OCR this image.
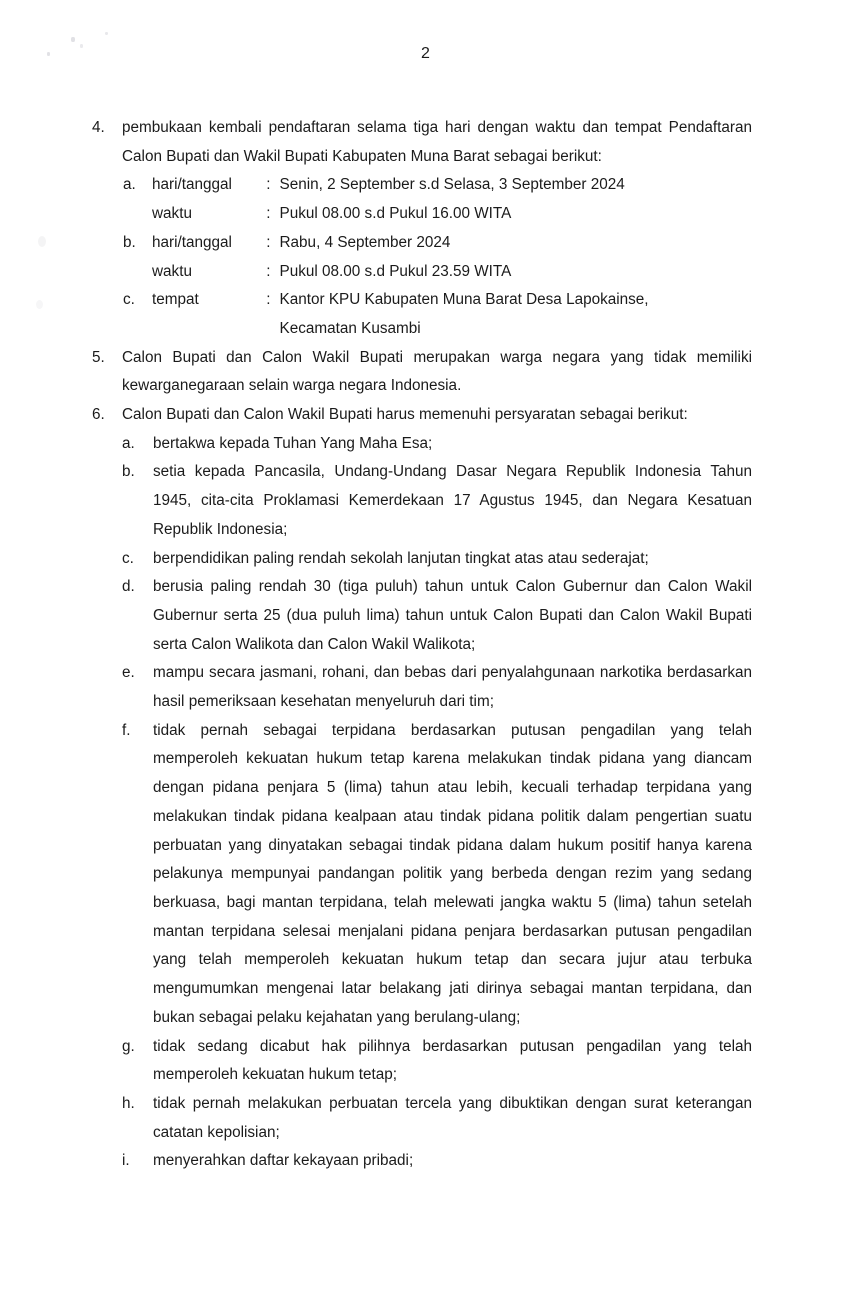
2
4.	pembukaan kembali pendaftaran selama tiga hari dengan waktu dan tempat Pendaftaran Calon Bupati dan Wakil Bupati Kabupaten Muna Barat sebagai berikut:

a.	hari/tanggal : Senin, 2 September s.d Selasa, 3 September 2024
waktu	: Pukul 08.00 s.d Pukul 16.00 WITA
b.	hari/tanggal : Rabu, 4 September 2024
waktu	: Pukul 08.00 s.d Pukul 23.59 WITA
c.	tempat	: Kantor KPU Kabupaten Muna Barat Desa Lapokainse,
Kecamatan Kusambi
5.	Calon Bupati dan Calon Wakil Bupati merupakan warga negara yang tidak memiliki kewarganegaraan selain warga negara Indonesia.

6.	Calon Bupati dan Calon Wakil Bupati harus memenuhi persyaratan sebagai berikut:

a.	bertakwa kepada Tuhan Yang Maha Esa;
b.	setia kepada Pancasila, Undang-Undang Dasar Negara Republik Indonesia Tahun 1945, cita-cita Proklamasi Kemerdekaan 17 Agustus 1945, dan Negara Kesatuan Republik Indonesia;
c.	berpendidikan paling rendah sekolah lanjutan tingkat atas atau sederajat;
d.	berusia paling rendah 30 (tiga puluh) tahun untuk Calon Gubernur dan Calon Wakil Gubernur serta 25 (dua puluh lima) tahun untuk Calon Bupati dan Calon Wakil Bupati serta Calon Walikota dan Calon Wakil Walikota;
e.	mampu secara jasmani, rohani, dan bebas dari penyalahgunaan narkotika berdasarkan hasil pemeriksaan kesehatan menyeluruh dari tim;
f.	tidak pernah sebagai terpidana berdasarkan putusan pengadilan yang telah memperoleh kekuatan hukum tetap karena melakukan tindak pidana yang diancam dengan pidana penjara 5 (lima) tahun atau lebih, kecuali terhadap terpidana yang melakukan tindak pidana kealpaan atau tindak pidana politik dalam pengertian suatu perbuatan yang dinyatakan sebagai tindak pidana dalam hukum positif hanya karena pelakunya mempunyai pandangan politik yang berbeda dengan rezim yang sedang berkuasa, bagi mantan terpidana, telah melewati jangka waktu 5 (lima) tahun setelah mantan terpidana selesai menjalani pidana penjara berdasarkan putusan pengadilan yang telah memperoleh kekuatan hukum tetap dan secara jujur atau terbuka mengumumkan mengenai latar belakang jati dirinya sebagai mantan terpidana, dan bukan sebagai pelaku kejahatan yang berulang-ulang;
g.	tidak sedang dicabut hak pilihnya berdasarkan putusan pengadilan yang telah memperoleh kekuatan hukum tetap;
h.	tidak pernah melakukan perbuatan tercela yang dibuktikan dengan surat keterangan catatan kepolisian;
i.	menyerahkan daftar kekayaan pribadi;
